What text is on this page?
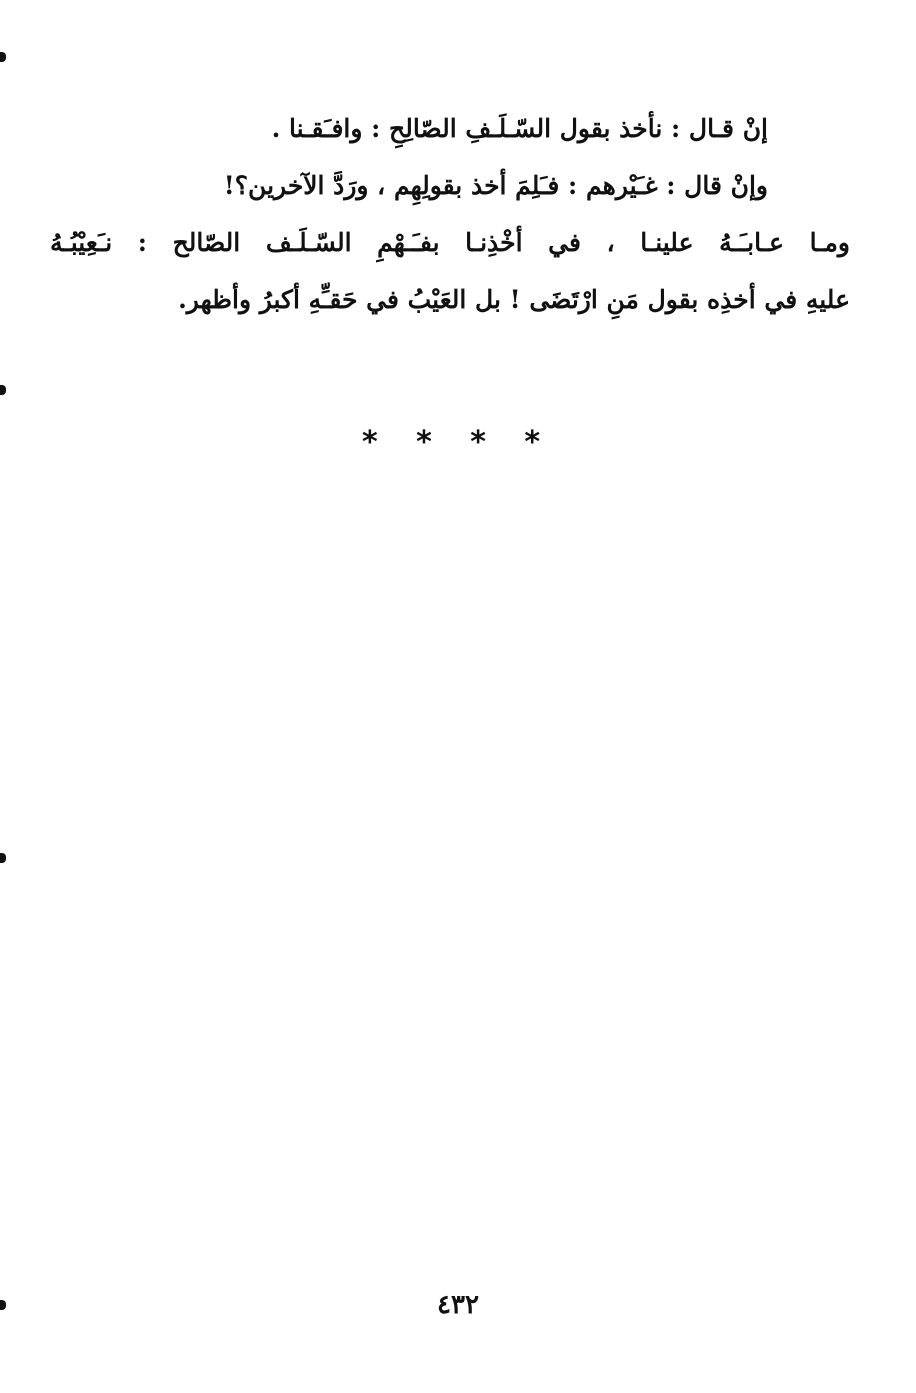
إنْ قـال : نأخذ بقول السّـلَـفِ الصّالِحِ : وافـَقـنا .
وإنْ قال : غـَيْرهم : فـَلِمَ أخذ بقولِهِم ، ورَدَّ الآخرين؟!
ومـا عـابـَـهُ علينـا ، في أخْذِنـا بفـَـهْمِ السّـلَـف الصّالح : نـَعِيْبُـهُ
عليهِ في أخذِه بقول مَنِ ارْتَضَى ! بل العَيْبُ في حَقـِّهِ أكبرُ وأظهر.
* * * *
٤٣٢
